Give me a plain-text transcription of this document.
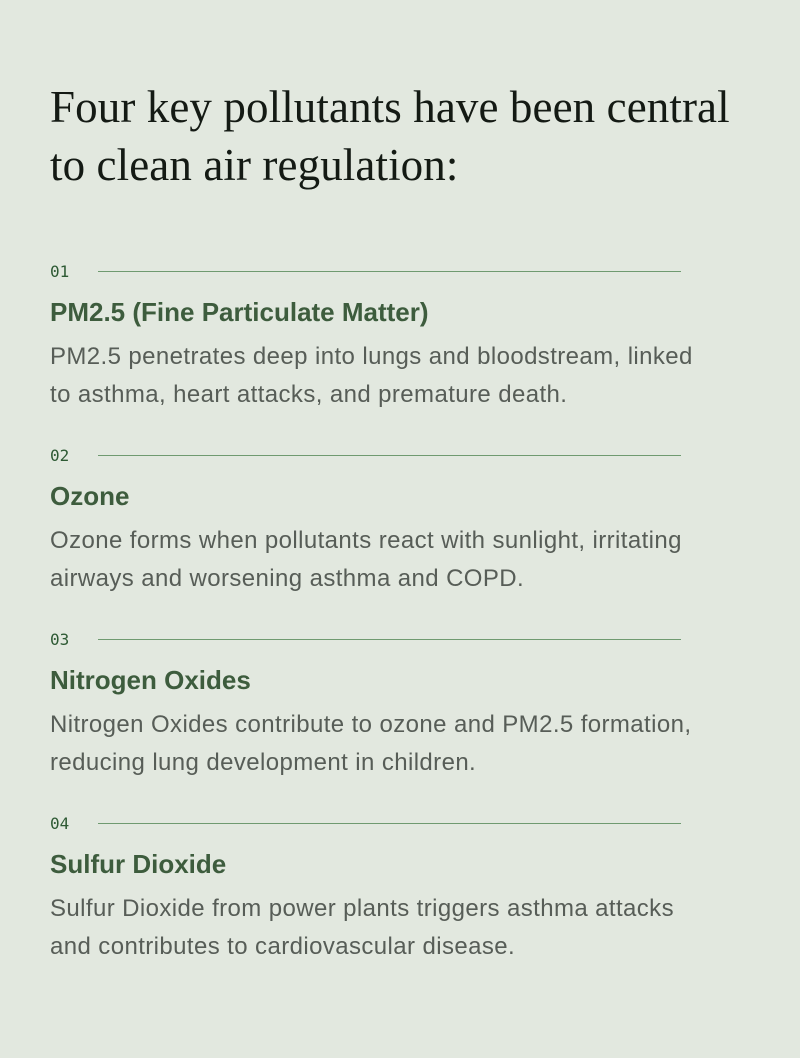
Four key pollutants have been central to clean air regulation:
01
PM2.5 (Fine Particulate Matter)

PM2.5 penetrates deep into lungs and bloodstream, linked to asthma, heart attacks, and premature death.

02
Ozone

Ozone forms when pollutants react with sunlight, irritating airways and worsening asthma and COPD.

03
Nitrogen Oxides

Nitrogen Oxides contribute to ozone and PM2.5 formation, reducing lung development in children.

04
Sulfur Dioxide

Sulfur Dioxide from power plants triggers asthma attacks and contributes to cardiovascular disease.
